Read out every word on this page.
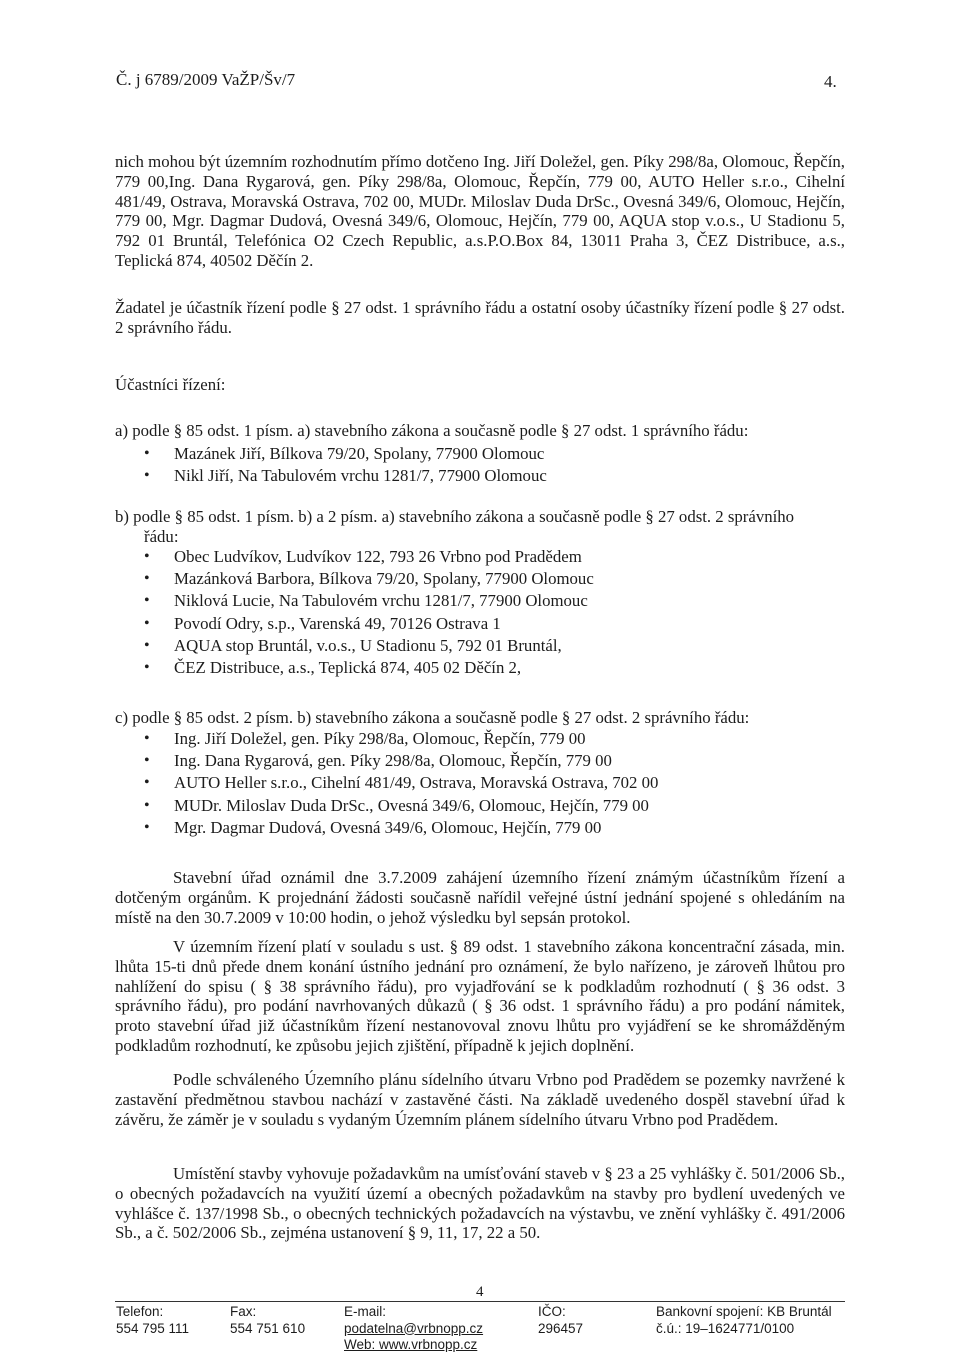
Č. j 6789/2009 VaŽP/Šv/7	4.
nich mohou být územním rozhodnutím přímo dotčeno Ing. Jiří Doležel, gen. Píky 298/8a, Olomouc, Řepčín, 779 00,Ing. Dana Rygarová, gen. Píky 298/8a, Olomouc, Řepčín, 779 00, AUTO Heller s.r.o., Cihelní 481/49, Ostrava, Moravská Ostrava, 702 00, MUDr. Miloslav Duda DrSc., Ovesná 349/6, Olomouc, Hejčín, 779 00, Mgr. Dagmar Dudová, Ovesná 349/6, Olomouc, Hejčín, 779 00, AQUA stop v.o.s., U Stadionu 5, 792 01 Bruntál, Telefónica O2 Czech Republic, a.s.P.O.Box 84, 13011 Praha 3, ČEZ Distribuce, a.s., Teplická 874, 40502 Děčín 2.
Žadatel je účastník řízení podle § 27 odst. 1 správního řádu a ostatní osoby účastníky řízení podle § 27 odst. 2 správního řádu.
Účastníci řízení:
a) podle § 85 odst. 1 písm. a) stavebního zákona a současně podle § 27 odst. 1 správního řádu:
• Mazánek Jiří, Bílkova 79/20, Spolany, 77900 Olomouc
• Nikl Jiří, Na Tabulovém vrchu 1281/7, 77900 Olomouc
b) podle § 85 odst. 1 písm. b) a 2 písm. a) stavebního zákona a současně podle § 27 odst. 2 správního
řádu:
• Obec Ludvíkov, Ludvíkov 122, 793 26 Vrbno pod Pradědem
• Mazánková Barbora, Bílkova 79/20, Spolany, 77900 Olomouc
• Niklová Lucie, Na Tabulovém vrchu 1281/7, 77900 Olomouc
• Povodí Odry, s.p., Varenská 49, 70126 Ostrava 1
• AQUA stop Bruntál, v.o.s., U Stadionu 5, 792 01 Bruntál,
• ČEZ Distribuce, a.s., Teplická 874, 405 02 Děčín 2,
c) podle § 85 odst. 2 písm. b) stavebního zákona a současně podle § 27 odst. 2 správního řádu:
• Ing. Jiří Doležel, gen. Píky 298/8a, Olomouc, Řepčín, 779 00
• Ing. Dana Rygarová, gen. Píky 298/8a, Olomouc, Řepčín, 779 00
• AUTO Heller s.r.o., Cihelní 481/49, Ostrava, Moravská Ostrava, 702 00
• MUDr. Miloslav Duda DrSc., Ovesná 349/6, Olomouc, Hejčín, 779 00
• Mgr. Dagmar Dudová, Ovesná 349/6, Olomouc, Hejčín, 779 00
Stavební úřad oznámil dne 3.7.2009 zahájení územního řízení známým účastníkům řízení a dotčeným orgánům. K projednání žádosti současně nařídil veřejné ústní jednání spojené s ohledáním na místě na den 30.7.2009 v 10:00 hodin, o jehož výsledku byl sepsán protokol.
V územním řízení platí v souladu s ust. § 89 odst. 1 stavebního zákona koncentrační zásada, min. lhůta 15-ti dnů přede dnem konání ústního jednání pro oznámení, že bylo nařízeno, je zároveň lhůtou pro nahlížení do spisu ( § 38 správního řádu), pro vyjadřování se k podkladům rozhodnutí ( § 36 odst. 3 správního řádu), pro podání navrhovaných důkazů ( § 36 odst. 1 správního řádu) a pro podání námitek, proto stavební úřad již účastníkům řízení nestanovoval znovu lhůtu pro vyjádření se ke shromážděným podkladům rozhodnutí, ke způsobu jejich zjištění, případně k jejich doplnění.
Podle schváleného Územního plánu sídelního útvaru Vrbno pod Pradědem se pozemky navržené k zastavění předmětnou stavbou nachází v zastavěné části. Na základě uvedeného dospěl stavební úřad k závěru, že záměr je v souladu s vydaným Územním plánem sídelního útvaru Vrbno pod Pradědem.
Umístění stavby vyhovuje požadavkům na umísťování staveb v § 23 a 25 vyhlášky č. 501/2006 Sb., o obecných požadavcích na využití území a obecných požadavkům na stavby pro bydlení uvedených ve vyhlášce č. 137/1998 Sb., o obecných technických požadavcích na výstavbu, ve znění vyhlášky č. 491/2006 Sb., a č. 502/2006 Sb., zejména ustanovení § 9, 11, 17, 22 a 50.
4
Telefon:
554 795 111
Fax:
554 751 610
E-mail:
podatelna@vrbnopp.cz
Web: www.vrbnopp.cz
IČO:
296457
Bankovní spojení: KB Bruntál
č.ú.: 19–1624771/0100
